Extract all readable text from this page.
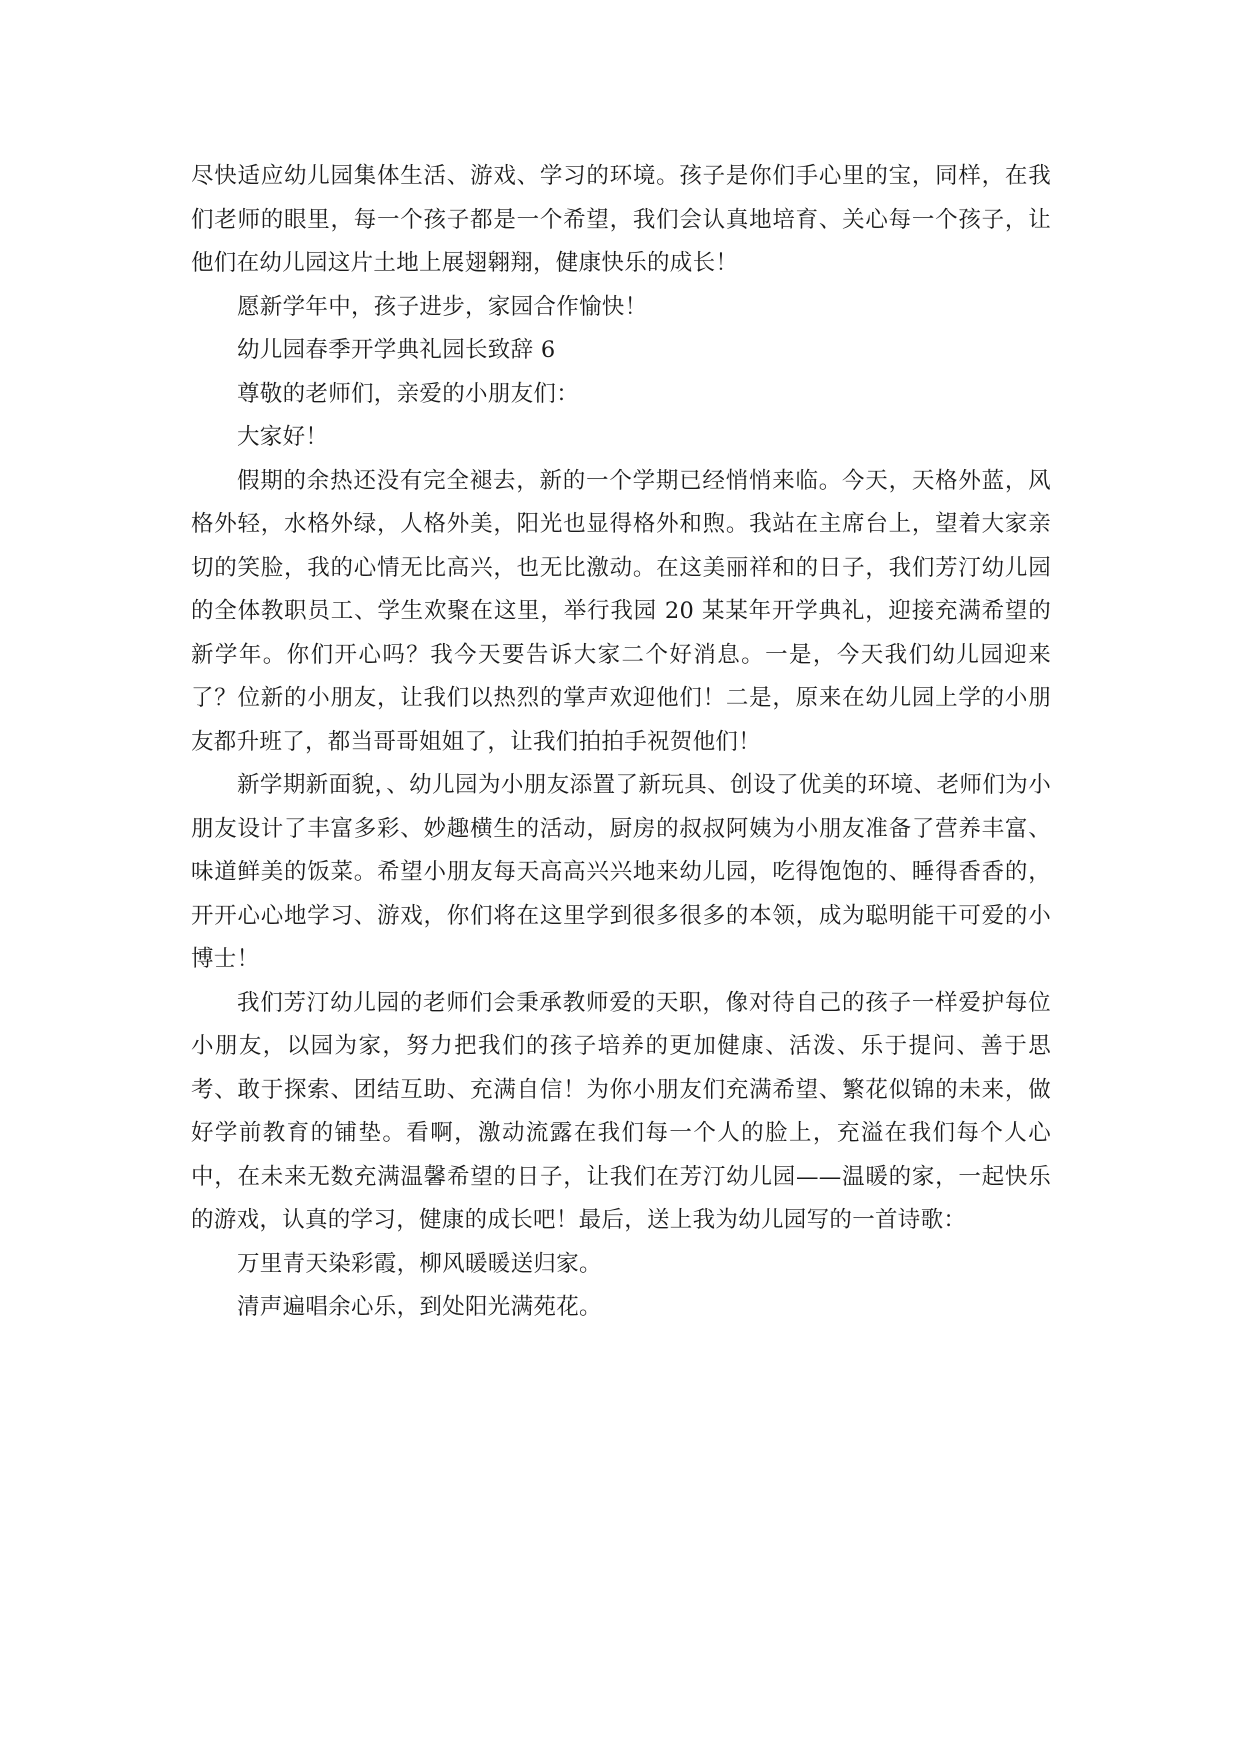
尽快适应幼儿园集体生活、游戏、学习的环境。孩子是你们手心里的宝，同样，在我们老师的眼里，每一个孩子都是一个希望，我们会认真地培育、关心每一个孩子，让他们在幼儿园这片土地上展翅翱翔，健康快乐的成长！

愿新学年中，孩子进步，家园合作愉快！

幼儿园春季开学典礼园长致辞 6

尊敬的老师们，亲爱的小朋友们：

大家好！

假期的余热还没有完全褪去，新的一个学期已经悄悄来临。今天，天格外蓝，风格外轻，水格外绿，人格外美，阳光也显得格外和煦。我站在主席台上，望着大家亲切的笑脸，我的心情无比高兴，也无比激动。在这美丽祥和的日子，我们芳汀幼儿园的全体教职员工、学生欢聚在这里，举行我园 20 某某年开学典礼，迎接充满希望的新学年。你们开心吗？我今天要告诉大家二个好消息。一是，今天我们幼儿园迎来了？位新的小朋友，让我们以热烈的掌声欢迎他们！二是，原来在幼儿园上学的小朋友都升班了，都当哥哥姐姐了，让我们拍拍手祝贺他们！

新学期新面貌，、幼儿园为小朋友添置了新玩具、创设了优美的环境、老师们为小朋友设计了丰富多彩、妙趣横生的活动，厨房的叔叔阿姨为小朋友准备了营养丰富、味道鲜美的饭菜。希望小朋友每天高高兴兴地来幼儿园，吃得饱饱的、睡得香香的，开开心心地学习、游戏，你们将在这里学到很多很多的本领，成为聪明能干可爱的小博士！

我们芳汀幼儿园的老师们会秉承教师爱的天职，像对待自己的孩子一样爱护每位小朋友，以园为家，努力把我们的孩子培养的更加健康、活泼、乐于提问、善于思考、敢于探索、团结互助、充满自信！为你小朋友们充满希望、繁花似锦的未来，做好学前教育的铺垫。看啊，激动流露在我们每一个人的脸上，充溢在我们每个人心中，在未来无数充满温馨希望的日子，让我们在芳汀幼儿园——温暖的家，一起快乐的游戏，认真的学习，健康的成长吧！最后，送上我为幼儿园写的一首诗歌：

万里青天染彩霞，柳风暖暖送归家。

清声遍唱余心乐，到处阳光满苑花。
